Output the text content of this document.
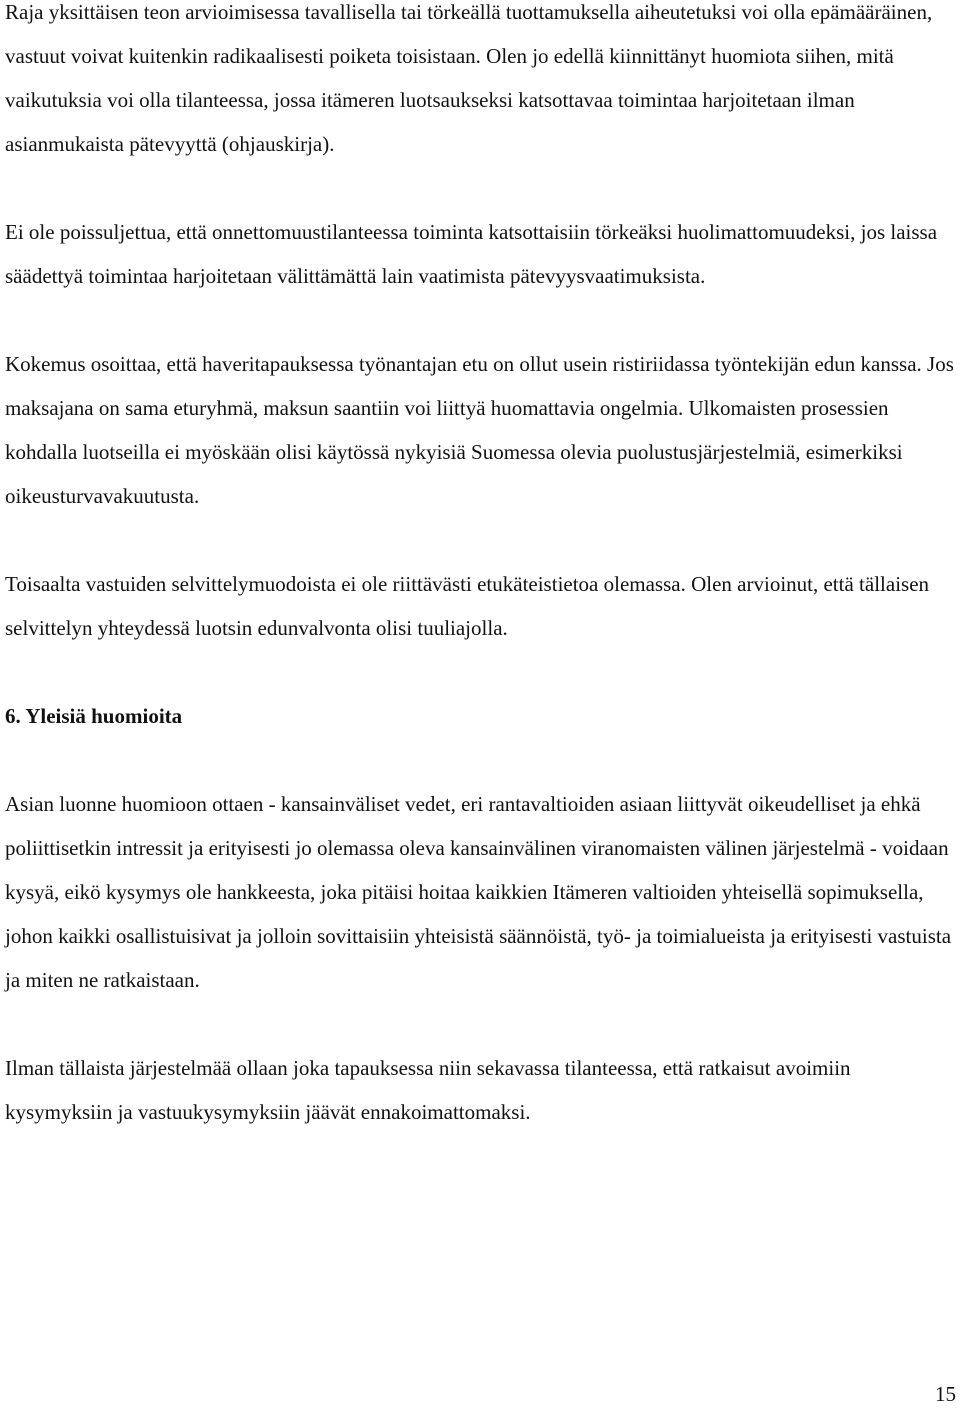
Raja yksittäisen teon arvioimisessa tavallisella tai törkeällä tuottamuksella aiheutetuksi voi olla epämääräinen, vastuut voivat kuitenkin radikaalisesti poiketa toisistaan. Olen jo edellä kiinnittänyt huomiota siihen, mitä vaikutuksia voi olla tilanteessa, jossa itämeren luotsaukseksi katsottavaa toimintaa harjoitetaan ilman asianmukaista pätevyyttä (ohjauskirja).

Ei ole poissuljettua, että onnettomuustilanteessa toiminta katsottaisiin törkeäksi huolimattomuudeksi, jos laissa säädettyä toimintaa harjoitetaan välittämättä lain vaatimista pätevyysvaatimuksista.

Kokemus osoittaa, että haveritapauksessa työnantajan etu on ollut usein ristiriidassa työntekijän edun kanssa. Jos maksajana on sama eturyhmä, maksun saantiin voi liittyä huomattavia ongelmia. Ulkomaisten prosessien kohdalla luotseilla ei myöskään olisi käytössä nykyisiä Suomessa olevia puolustusjärjestelmiä, esimerkiksi oikeusturvavakuutusta.

Toisaalta vastuiden selvittelymuodoista ei ole riittävästi etukäteistietoa olemassa. Olen arvioinut, että tällaisen selvittelyn yhteydessä luotsin edunvalvonta olisi tuuliajolla.

6. Yleisiä huomioita

Asian luonne huomioon ottaen - kansainväliset vedet, eri rantavaltioiden asiaan liittyvät oikeudelliset ja ehkä poliittisetkin intressit ja erityisesti jo olemassa oleva kansainvälinen viranomaisten välinen järjestelmä - voidaan kysyä, eikö kysymys ole hankkeesta, joka pitäisi hoitaa kaikkien Itämeren valtioiden yhteisellä sopimuksella, johon kaikki osallistuisivat ja jolloin sovittaisiin yhteisistä säännöistä, työ- ja toimialueista ja erityisesti vastuista ja miten ne ratkaistaan.

Ilman tällaista järjestelmää ollaan joka tapauksessa niin sekavassa tilanteessa, että ratkaisut avoimiin kysymyksiin ja vastuukysymyksiin jäävät ennakoimattomaksi.

15
